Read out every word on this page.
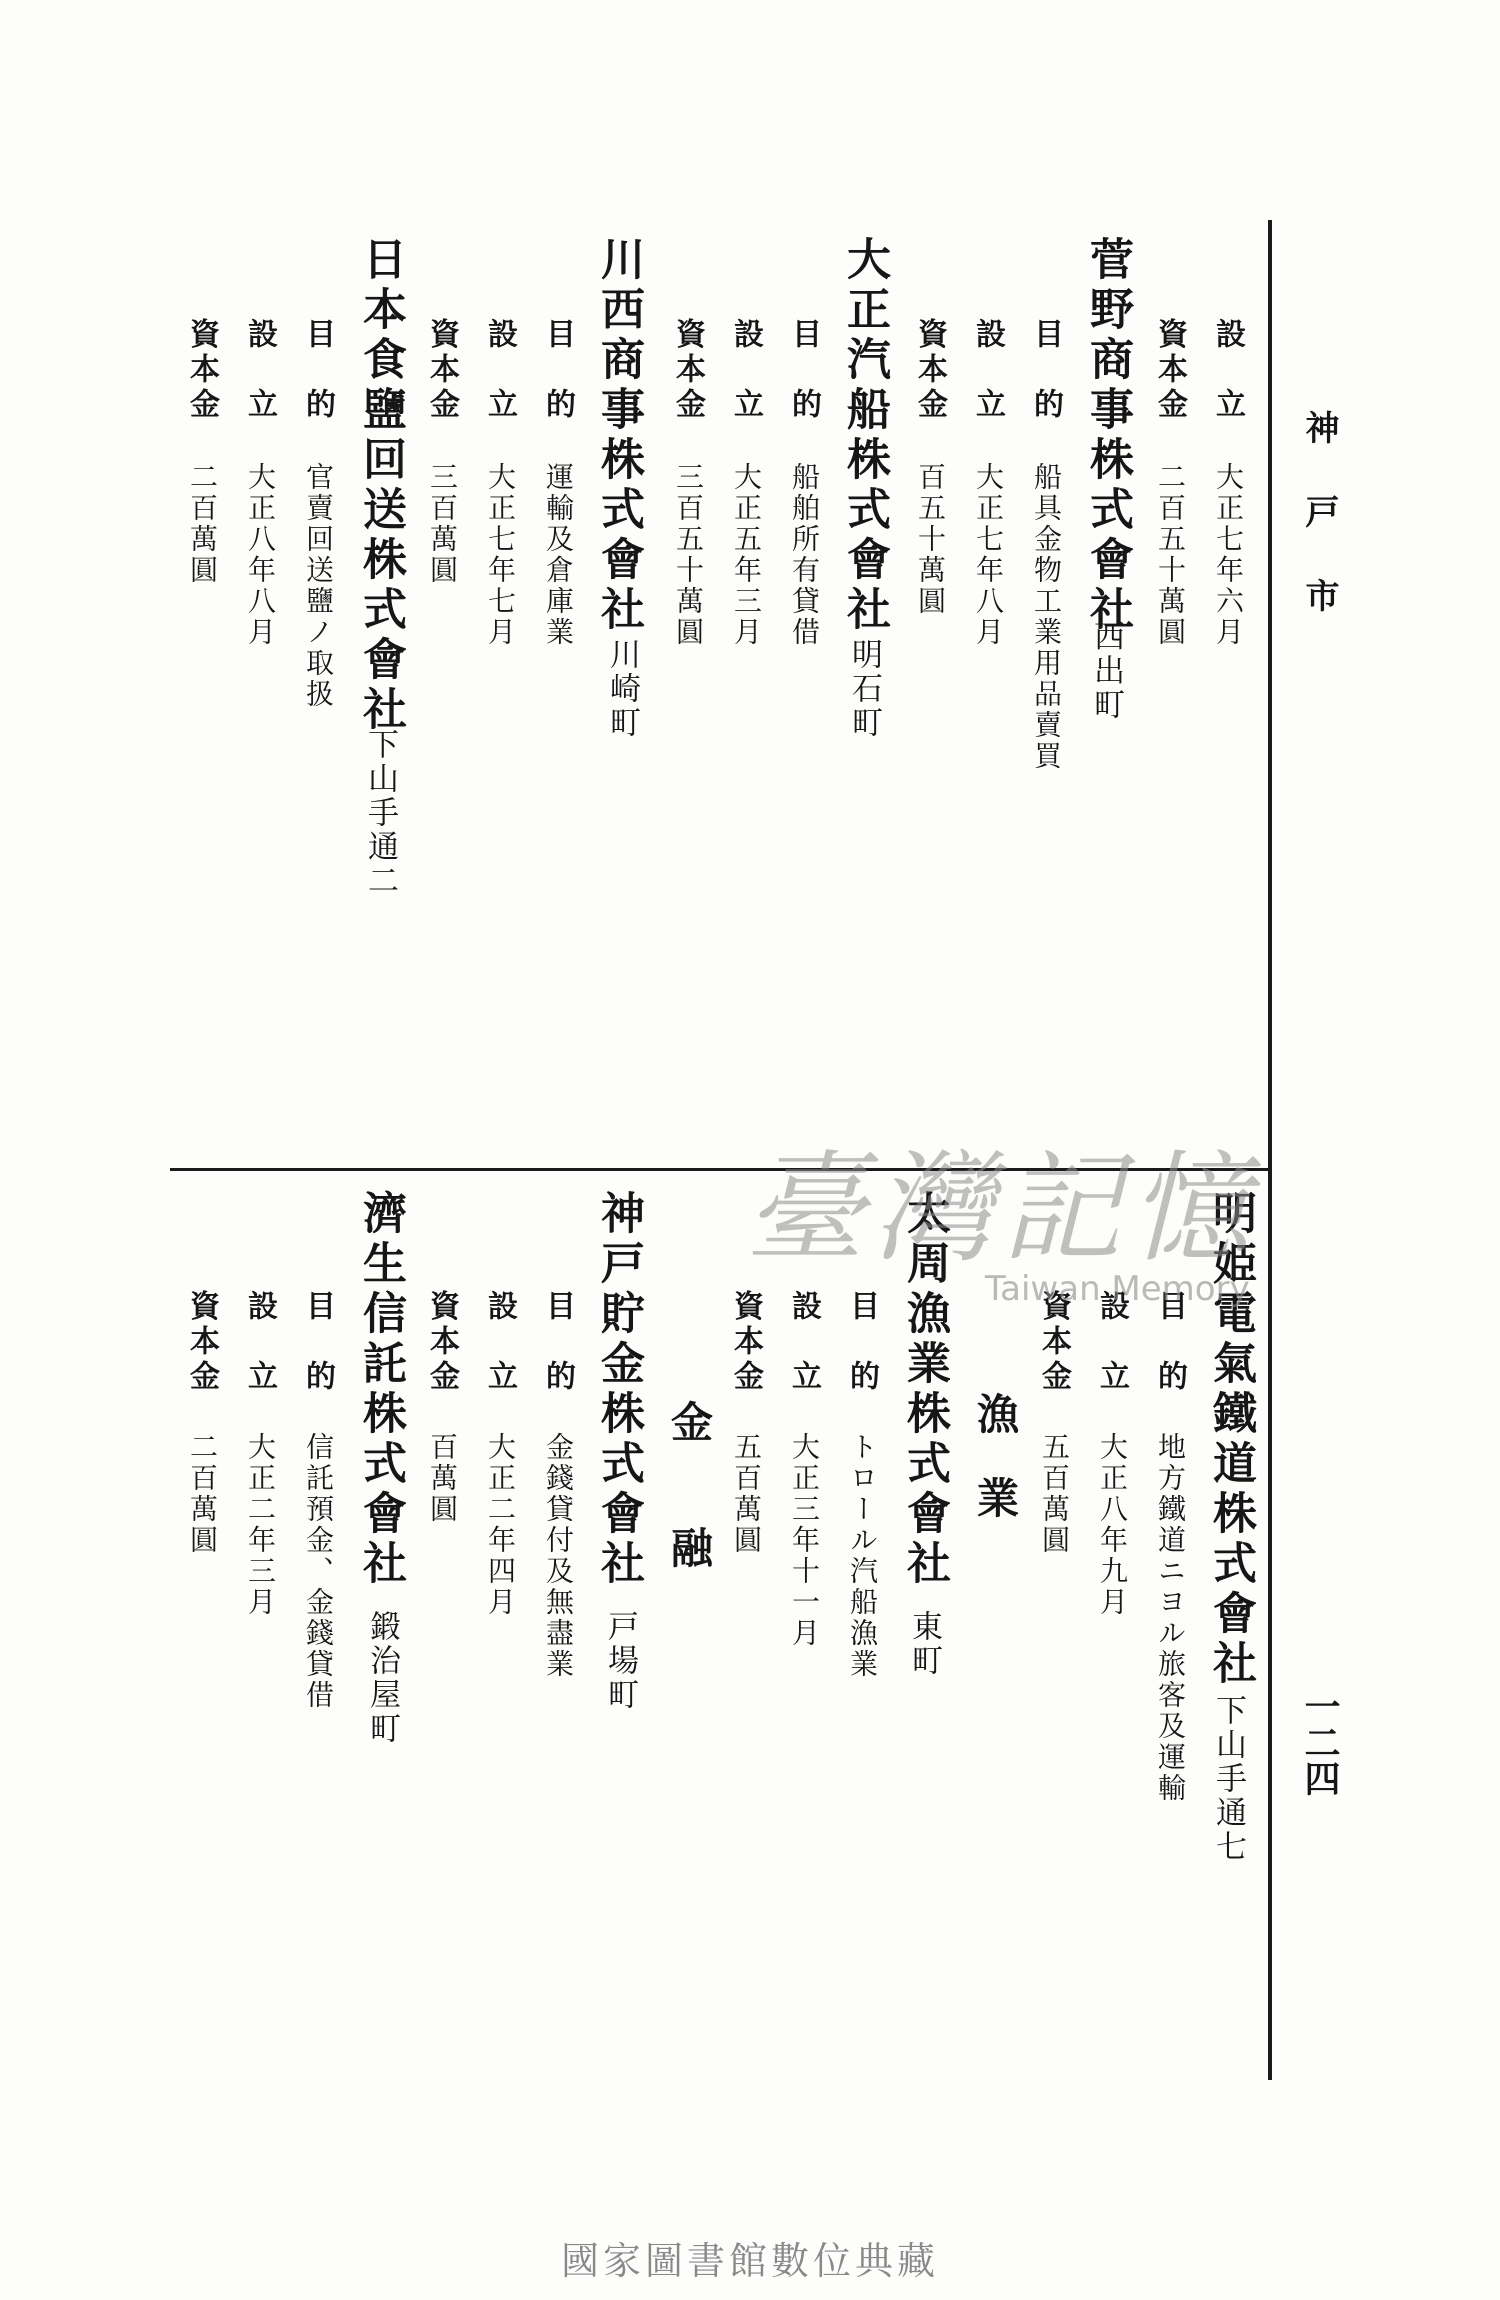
神戸市
一二四
設　立
大正七年六月
資本金
二百五十萬圓
菅野商事株式會社
西出町
目　的
船具金物工業用品賣買
設　立
大正七年八月
資本金
百五十萬圓
大正汽船株式會社
明石町
目　的
船舶所有貸借
設　立
大正五年三月
資本金
三百五十萬圓
川西商事株式會社
川崎町
目　的
運輸及倉庫業
設　立
大正七年七月
資本金
三百萬圓
日本食鹽回送株式會社
下山手通二
目　的
官賣回送鹽ノ取扱
設　立
大正八年八月
資本金
二百萬圓
明姫電氣鐵道株式會社
下山手通七
目　的
地方鐵道ニヨル旅客及運輸
設　立
大正八年九月
資本金
五百萬圓
漁　業
太周漁業株式會社
東町
目　的
トロール汽船漁業
設　立
大正三年十一月
資本金
五百萬圓
金　　融
神戸貯金株式會社
戸場町
目　的
金錢貸付及無盡業
設　立
大正二年四月
資本金
百萬圓
濟生信託株式會社
鍛治屋町
目　的
信託預金、金錢貸借
設　立
大正二年三月
資本金
二百萬圓
臺灣記憶
Taiwan Memory
國家圖書館數位典藏
